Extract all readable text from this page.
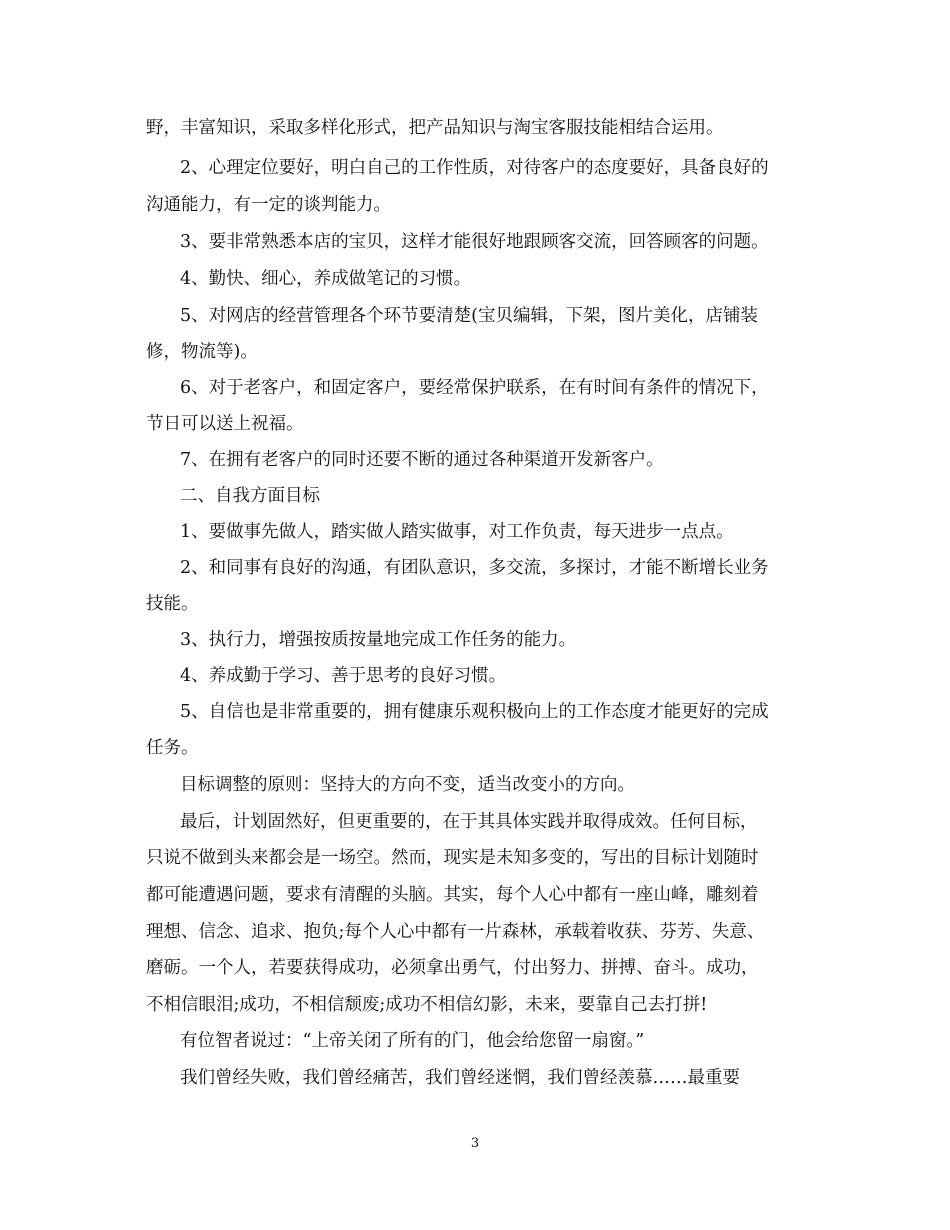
野，丰富知识，采取多样化形式，把产品知识与淘宝客服技能相结合运用。
2、心理定位要好，明白自己的工作性质，对待客户的态度要好，具备良好的
沟通能力，有一定的谈判能力。
3、要非常熟悉本店的宝贝，这样才能很好地跟顾客交流，回答顾客的问题。
4、勤快、细心，养成做笔记的习惯。
5、对网店的经营管理各个环节要清楚(宝贝编辑，下架，图片美化，店铺装
修，物流等)。
6、对于老客户，和固定客户，要经常保护联系，在有时间有条件的情况下，
节日可以送上祝福。
7、在拥有老客户的同时还要不断的通过各种渠道开发新客户。
二、自我方面目标
1、要做事先做人，踏实做人踏实做事，对工作负责，每天进步一点点。
2、和同事有良好的沟通，有团队意识，多交流，多探讨，才能不断增长业务
技能。
3、执行力，增强按质按量地完成工作任务的能力。
4、养成勤于学习、善于思考的良好习惯。
5、自信也是非常重要的，拥有健康乐观积极向上的工作态度才能更好的完成
任务。
目标调整的原则：坚持大的方向不变，适当改变小的方向。
最后，计划固然好，但更重要的，在于其具体实践并取得成效。任何目标，
只说不做到头来都会是一场空。然而，现实是未知多变的，写出的目标计划随时
都可能遭遇问题，要求有清醒的头脑。其实，每个人心中都有一座山峰，雕刻着
理想、信念、追求、抱负;每个人心中都有一片森林，承载着收获、芬芳、失意、
磨砺。一个人，若要获得成功，必须拿出勇气，付出努力、拼搏、奋斗。成功，
不相信眼泪;成功，不相信颓废;成功不相信幻影，未来，要靠自己去打拼!
有位智者说过：“上帝关闭了所有的门，他会给您留一扇窗。”
我们曾经失败，我们曾经痛苦，我们曾经迷惘，我们曾经羡慕……最重要
3
